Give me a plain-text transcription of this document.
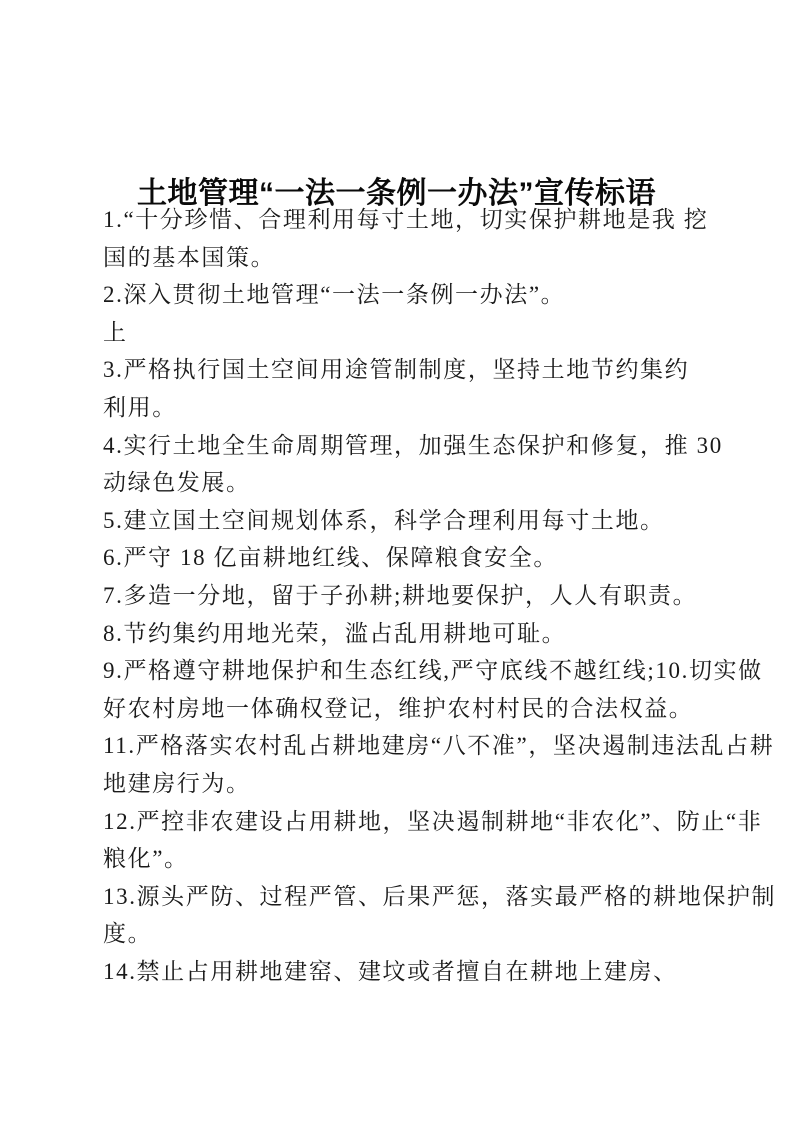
土地管理“一法一条例一办法”宣传标语
1.“十分珍惜、合理利用每寸土地，切实保护耕地是我 挖
国的基本国策。
2.深入贯彻土地管理“一法一条例一办法”。
上
3.严格执行国土空间用途管制制度，坚持土地节约集约
利用。
4.实行土地全生命周期管理，加强生态保护和修复，推 30
动绿色发展。
5.建立国土空间规划体系，科学合理利用每寸土地。
6.严守 18 亿亩耕地红线、保障粮食安全。
7.多造一分地，留于子孙耕;耕地要保护，人人有职责。
8.节约集约用地光荣，滥占乱用耕地可耻。
9.严格遵守耕地保护和生态红线,严守底线不越红线;10.切实做
好农村房地一体确权登记，维护农村村民的合法权益。
11.严格落实农村乱占耕地建房“八不准”，坚决遏制违法乱占耕
地建房行为。
12.严控非农建设占用耕地，坚决遏制耕地“非农化”、防止“非
粮化”。
13.源头严防、过程严管、后果严惩，落实最严格的耕地保护制
度。
14.禁止占用耕地建窑、建坟或者擅自在耕地上建房、
